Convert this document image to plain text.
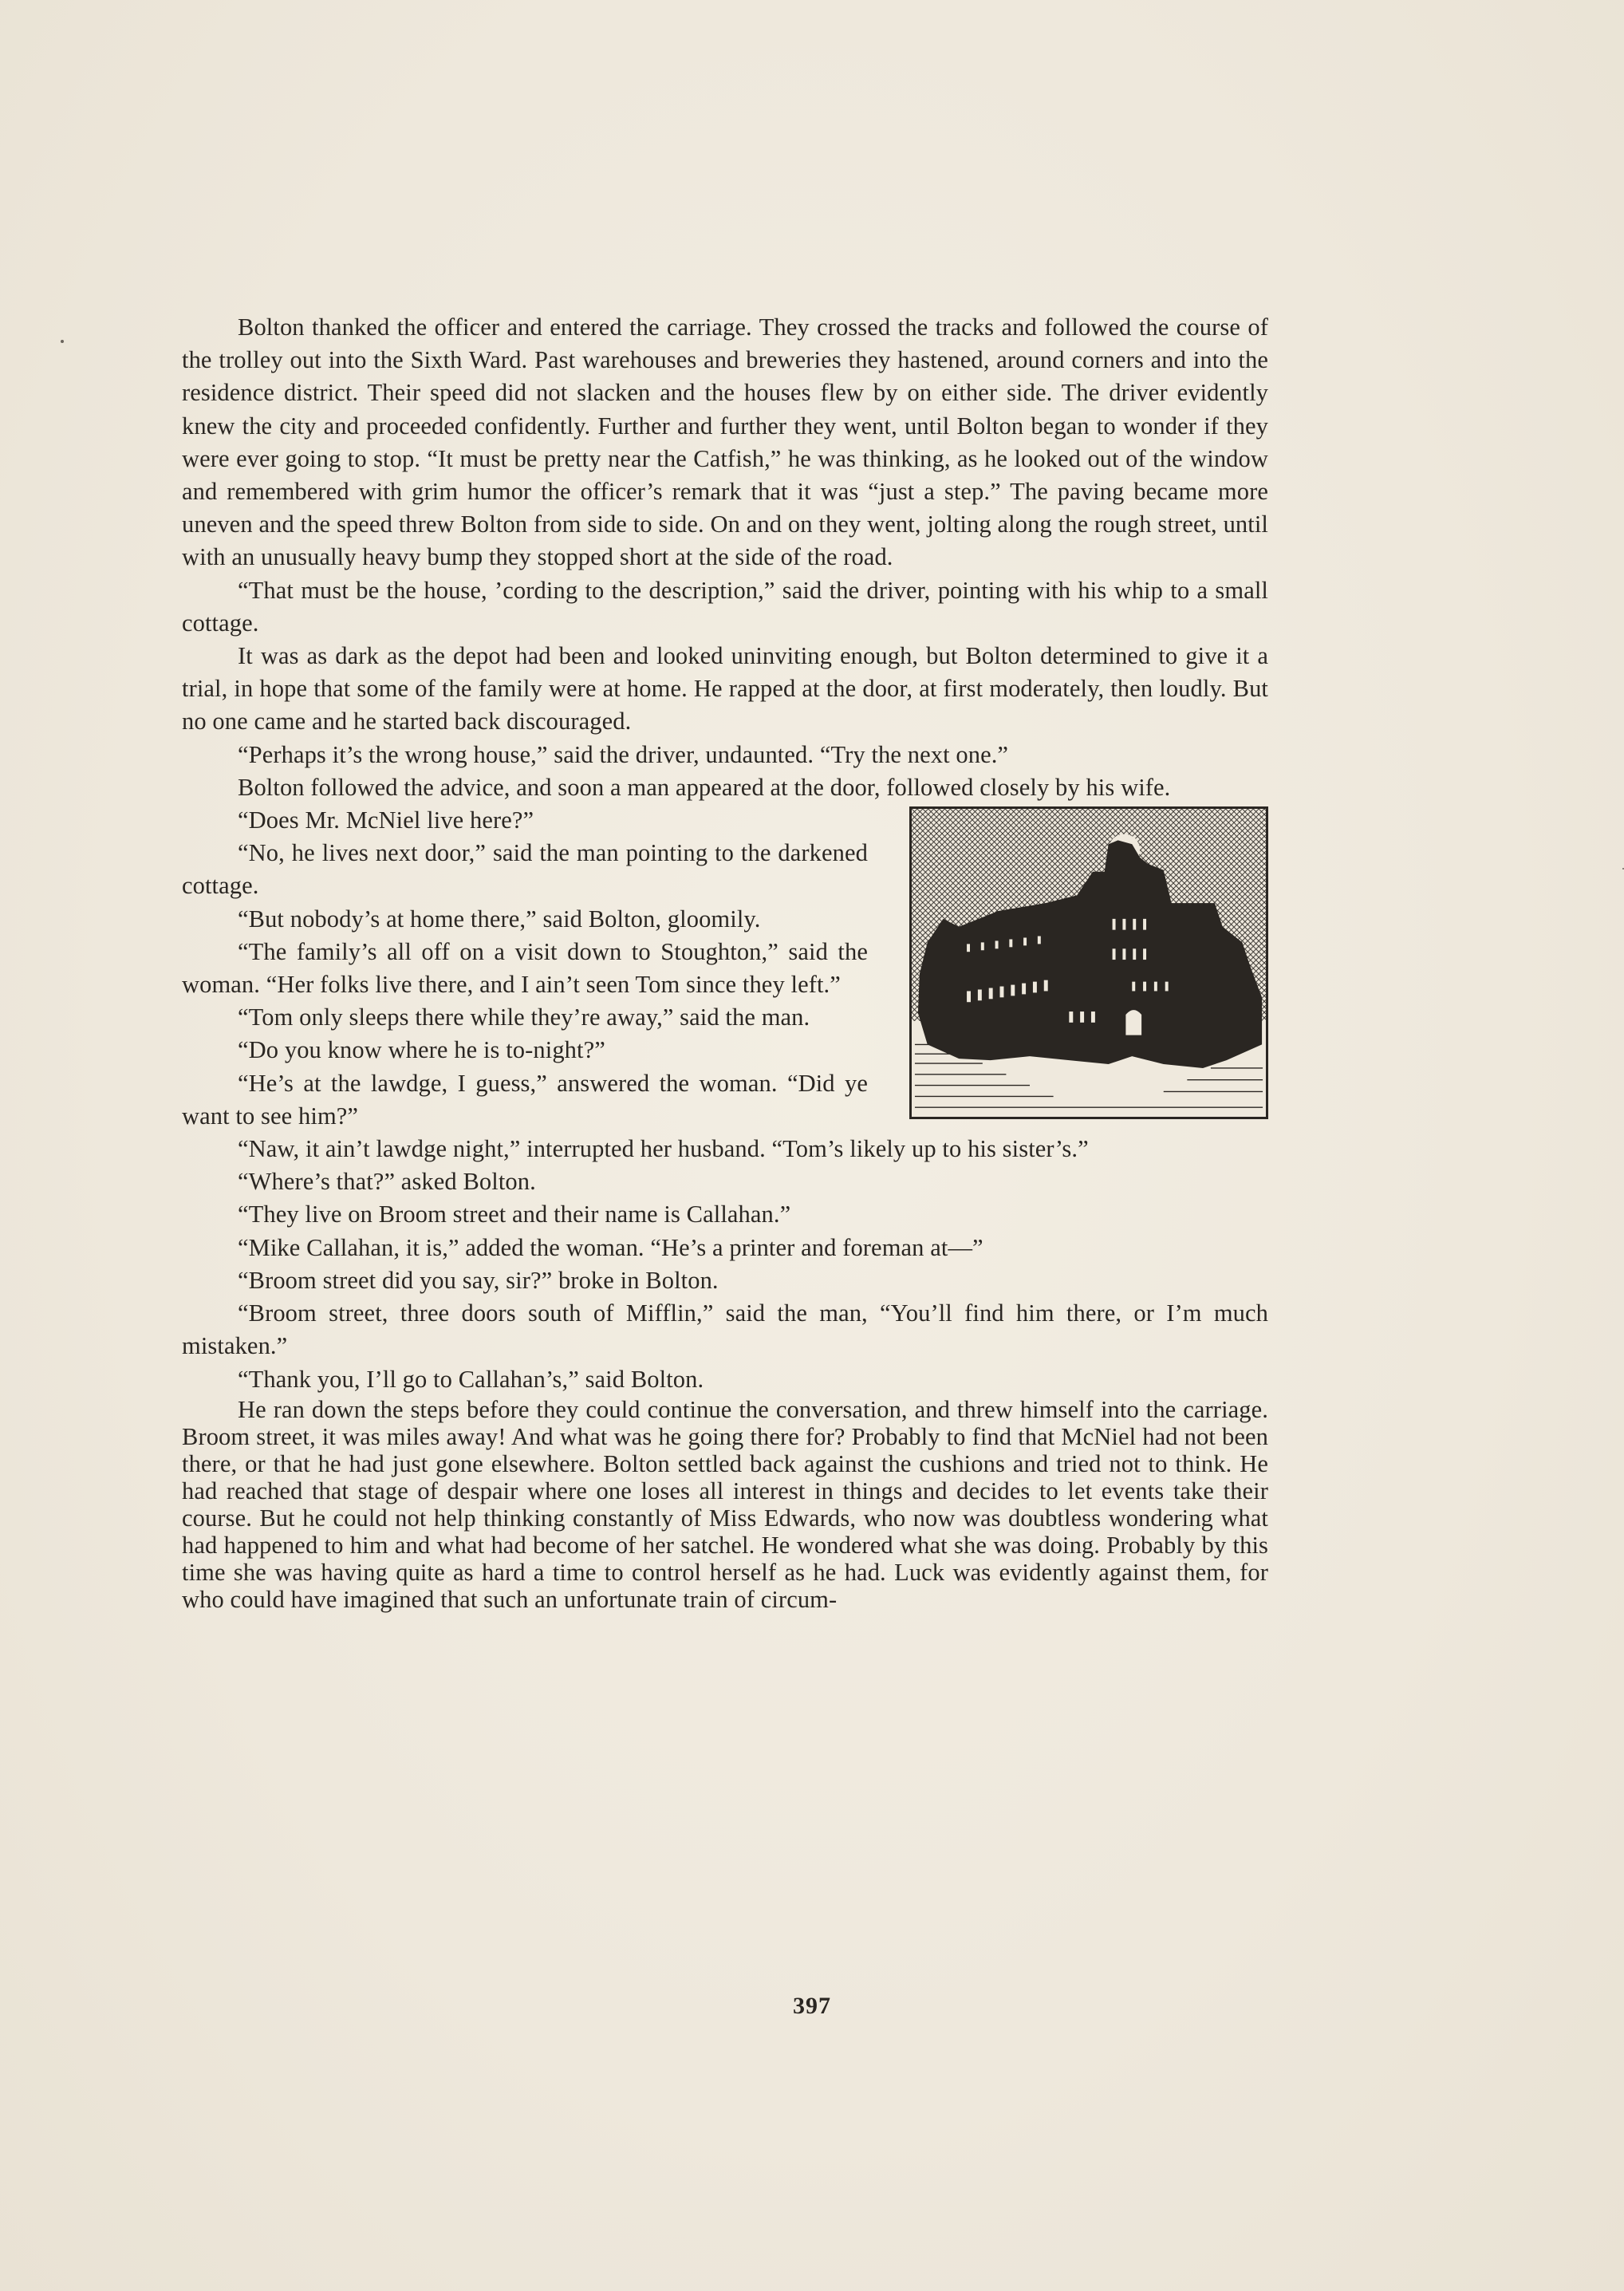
Bolton thanked the officer and entered the carriage. They crossed the tracks and followed the course of the trolley out into the Sixth Ward. Past warehouses and breweries they hastened, around corners and into the residence district. Their speed did not slacken and the houses flew by on either side. The driver evidently knew the city and proceeded confidently. Further and further they went, until Bolton began to wonder if they were ever going to stop. “It must be pretty near the Catfish,” he was thinking, as he looked out of the window and remembered with grim humor the officer’s remark that it was “just a step.” The paving became more uneven and the speed threw Bolton from side to side. On and on they went, jolting along the rough street, until with an unusually heavy bump they stopped short at the side of the road.

“That must be the house, ’cording to the description,” said the driver, pointing with his whip to a small cottage.

It was as dark as the depot had been and looked uninviting enough, but Bolton determined to give it a trial, in hope that some of the family were at home. He rapped at the door, at first moderately, then loudly. But no one came and he started back discouraged.

“Perhaps it’s the wrong house,” said the driver, undaunted. “Try the next one.”

Bolton followed the advice, and soon a man appeared at the door, followed closely by his wife.

“Does Mr. McNiel live here?”

“No, he lives next door,” said the man pointing to the darkened cottage.

“But nobody’s at home there,” said Bolton, gloomily.

“The family’s all off on a visit down to Stoughton,” said the woman. “Her folks live there, and I ain’t seen Tom since they left.”

“Tom only sleeps there while they’re away,” said the man.

“Do you know where he is to-night?”

“He’s at the lawdge, I guess,” answered the woman. “Did ye want to see him?”

“Naw, it ain’t lawdge night,” interrupted her husband. “Tom’s likely up to his sister’s.”

“Where’s that?” asked Bolton.

“They live on Broom street and their name is Callahan.”

“Mike Callahan, it is,” added the woman. “He’s a printer and foreman at—”

“Broom street did you say, sir?” broke in Bolton.

“Broom street, three doors south of Mifflin,” said the man, “You’ll find him there, or I’m much mistaken.”

“Thank you, I’ll go to Callahan’s,” said Bolton.

He ran down the steps before they could continue the conversation, and threw himself into the carriage. Broom street, it was miles away! And what was he going there for? Probably to find that McNiel had not been there, or that he had just gone elsewhere. Bolton settled back against the cushions and tried not to think. He had reached that stage of despair where one loses all interest in things and decides to let events take their course. But he could not help thinking constantly of Miss Edwards, who now was doubtless wondering what had happened to him and what had become of her satchel. He wondered what she was doing. Probably by this time she was having quite as hard a time to control herself as he had. Luck was evidently against them, for who could have imagined that such an unfortunate train of circum-

397
